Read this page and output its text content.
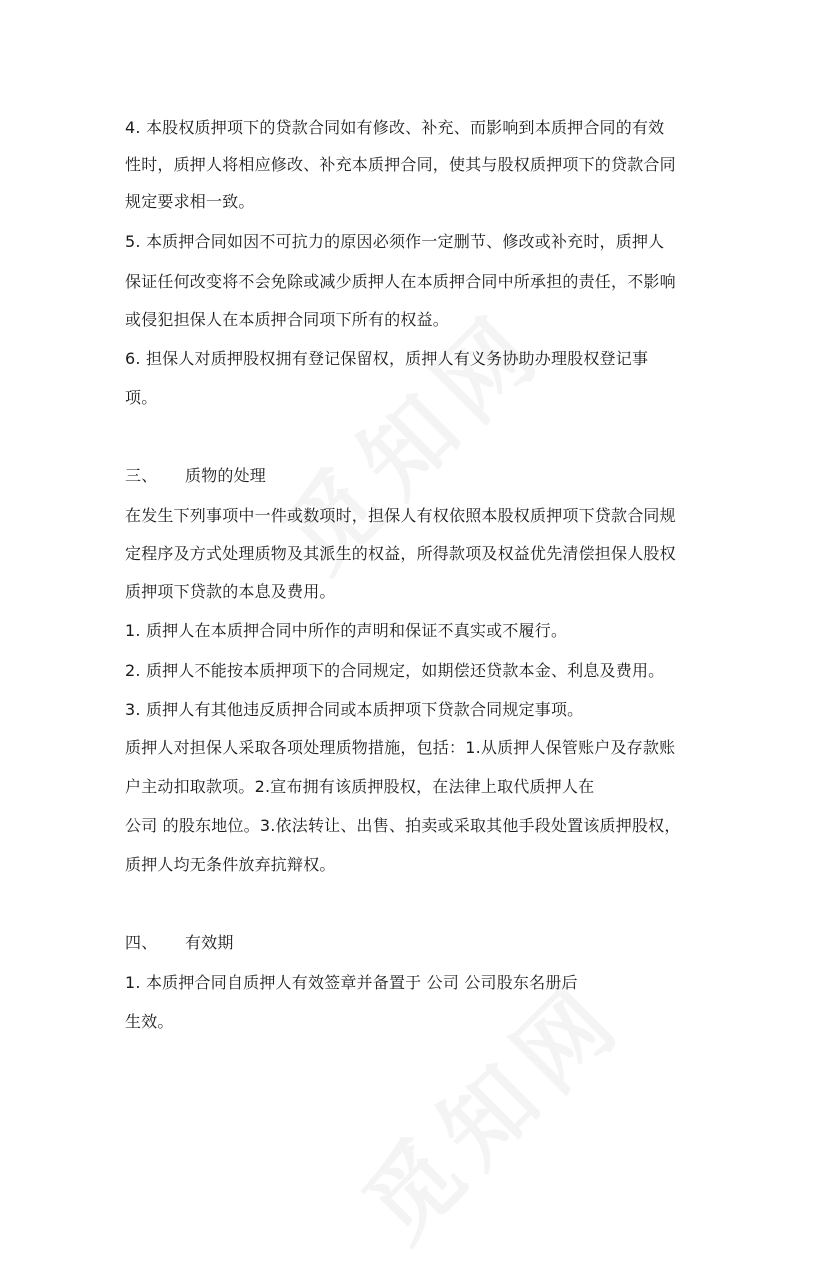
4. 本股权质押项下的贷款合同如有修改、补充、而影响到本质押合同的有效
性时，质押人将相应修改、补充本质押合同，使其与股权质押项下的贷款合同
规定要求相一致。
5. 本质押合同如因不可抗力的原因必须作一定删节、修改或补充时，质押人
保证任何改变将不会免除或减少质押人在本质押合同中所承担的责任，不影响
或侵犯担保人在本质押合同项下所有的权益。
6. 担保人对质押股权拥有登记保留权，质押人有义务协助办理股权登记事
项。
三、 质物的处理
在发生下列事项中一件或数项时，担保人有权依照本股权质押项下贷款合同规
定程序及方式处理质物及其派生的权益，所得款项及权益优先清偿担保人股权
质押项下贷款的本息及费用。
1. 质押人在本质押合同中所作的声明和保证不真实或不履行。
2. 质押人不能按本质押项下的合同规定，如期偿还贷款本金、利息及费用。
3. 质押人有其他违反质押合同或本质押项下贷款合同规定事项。
质押人对担保人采取各项处理质物措施，包括：1.从质押人保管账户及存款账
户主动扣取款项。2.宣布拥有该质押股权，在法律上取代质押人在
公司 的股东地位。3.依法转让、出售、拍卖或采取其他手段处置该质押股权，
质押人均无条件放弃抗辩权。
四、 有效期
1. 本质押合同自质押人有效签章并备置于 公司 公司股东名册后
生效。
